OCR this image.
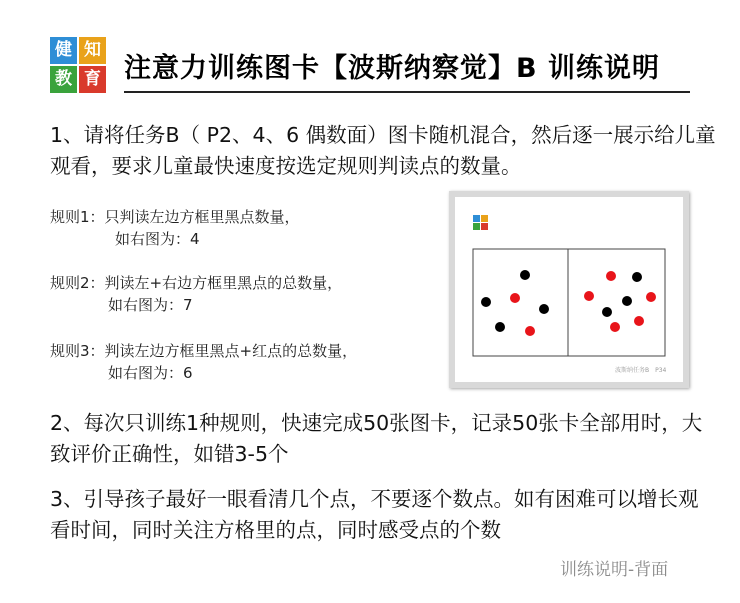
健 知
教 育 注意力训练图卡【波斯纳察觉】B 训练说明
1、请将任务B（ P2、4、6 偶数面）图卡随机混合，然后逐一展示给儿童观看，要求儿童最快速度按选定规则判读点的数量。
规则1：只判读左边方框里黑点数量，
如右图为：4
规则2：判读左+右边方框里黑点的总数量，
如右图为：7
规则3：判读左边方框里黑点+红点的总数量，
如右图为：6	波斯纳任务B　P34
2、每次只训练1种规则，快速完成50张图卡，记录50张卡全部用时，大致评价正确性，如错3-5个
3、引导孩子最好一眼看清几个点，不要逐个数点。如有困难可以增长观看时间，同时关注方格里的点，同时感受点的个数
训练说明-背面
